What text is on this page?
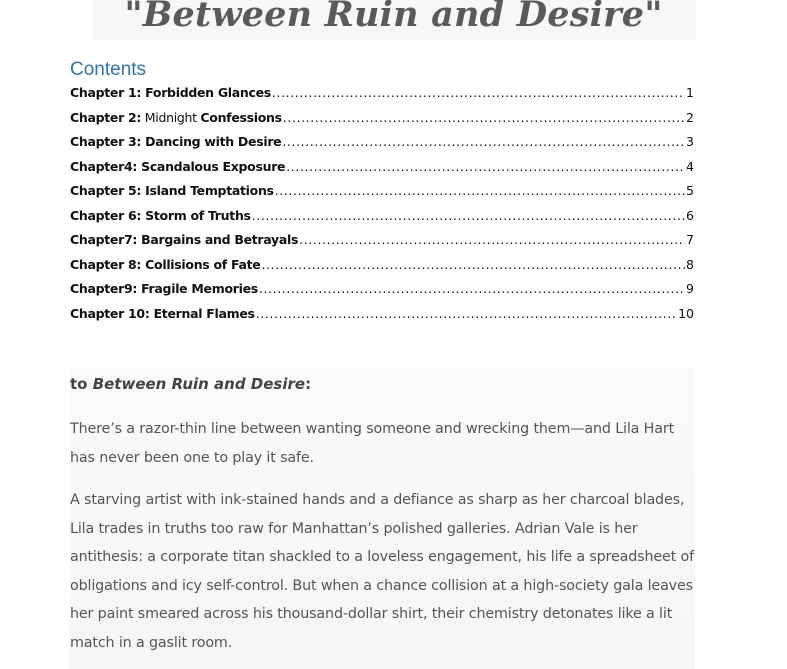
"Between Ruin and Desire"
Contents
Chapter 1: Forbidden Glances .....	1
Chapter 2: Midnight Confessions .....	2
Chapter 3: Dancing with Desire .....	3
Chapter4: Scandalous Exposure .....	4
Chapter 5: Island Temptations .....	5
Chapter 6: Storm of Truths .....	6
Chapter7: Bargains and Betrayals .....	7
Chapter 8: Collisions of Fate .....	8
Chapter9: Fragile Memories .....	9
Chapter 10: Eternal Flames .....	10
to Between Ruin and Desire:
There’s a razor-thin line between wanting someone and wrecking them—and Lila Hart has never been one to play it safe.
A starving artist with ink-stained hands and a defiance as sharp as her charcoal blades, Lila trades in truths too raw for Manhattan’s polished galleries. Adrian Vale is her antithesis: a corporate titan shackled to a loveless engagement, his life a spreadsheet of obligations and icy self-control. But when a chance collision at a high-society gala leaves her paint smeared across his thousand-dollar shirt, their chemistry detonates like a lit match in a gaslit room.
